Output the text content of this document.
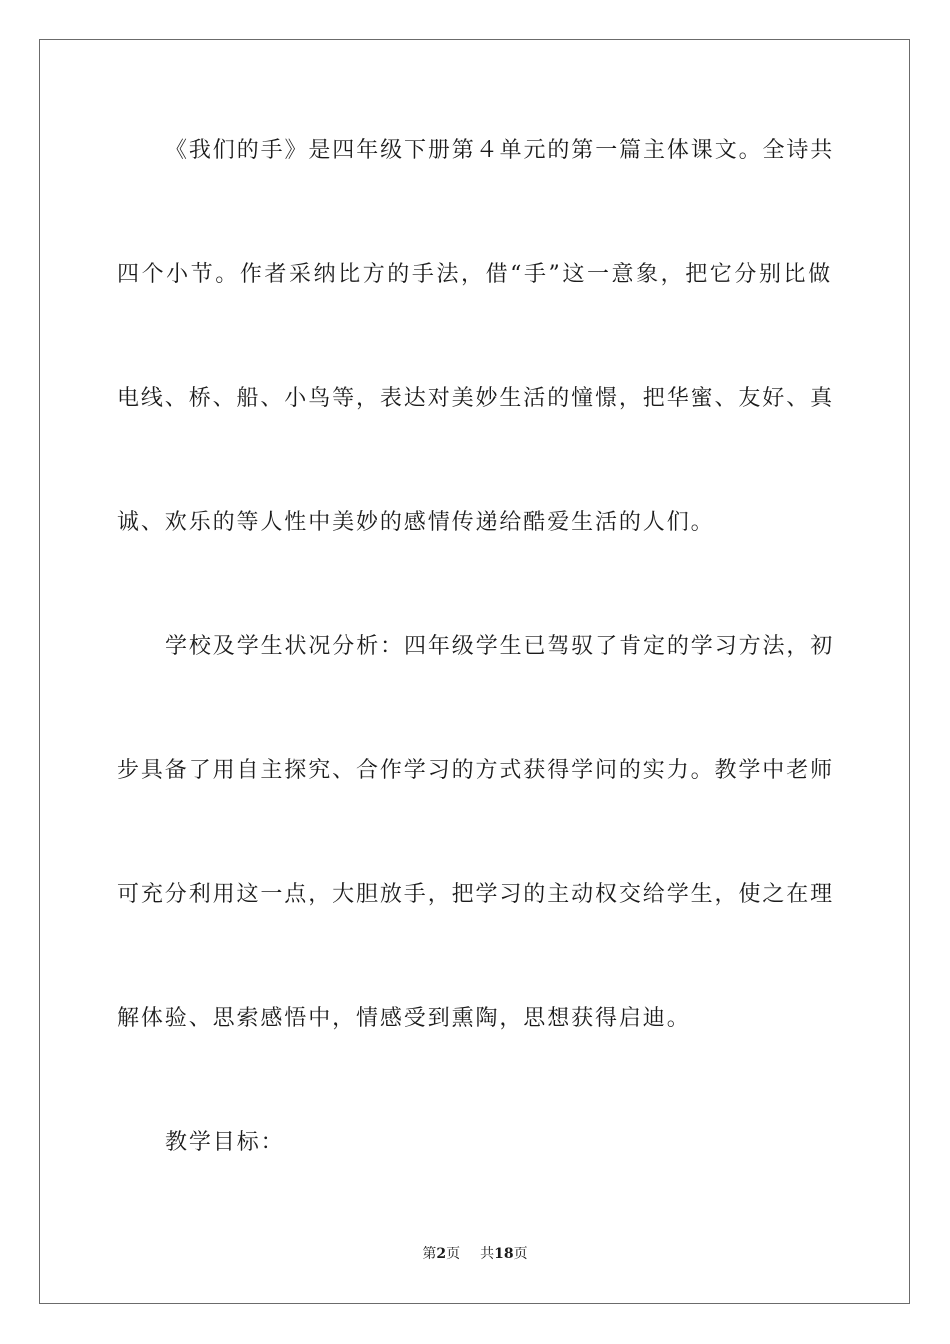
《我们的手》是四年级下册第４单元的第一篇主体课文。全诗共
四个小节。作者采纳比方的手法，借“手”这一意象，把它分别比做
电线、桥、船、小鸟等，表达对美妙生活的憧憬，把华蜜、友好、真
诚、欢乐的等人性中美妙的感情传递给酷爱生活的人们。
学校及学生状况分析：四年级学生已驾驭了肯定的学习方法，初
步具备了用自主探究、合作学习的方式获得学问的实力。教学中老师
可充分利用这一点，大胆放手，把学习的主动权交给学生，使之在理
解体验、思索感悟中，情感受到熏陶，思想获得启迪。
教学目标：
第2页 共18页
